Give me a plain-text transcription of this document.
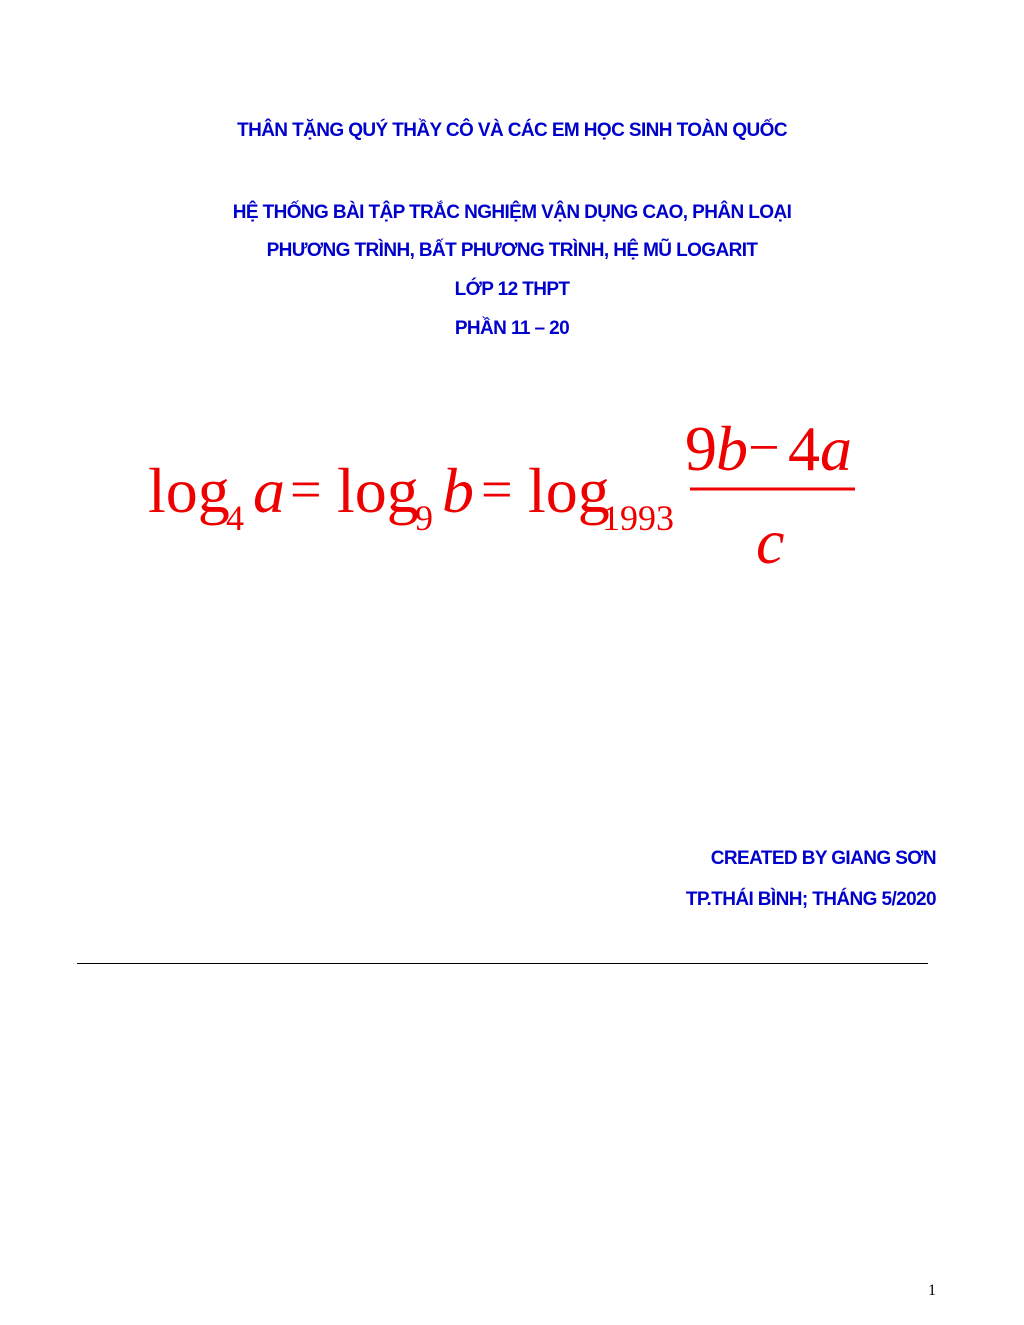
THÂN TẶNG QUÝ THẦY CÔ VÀ CÁC EM HỌC SINH TOÀN QUỐC
HỆ THỐNG BÀI TẬP TRẮC NGHIỆM VẬN DỤNG CAO, PHÂN LOẠI
PHƯƠNG TRÌNH, BẤT PHƯƠNG TRÌNH, HỆ MŨ LOGARIT
LỚP 12 THPT
PHẦN 11 – 20
log
4 a = log
9 b = log
1993
9 b − 4 a
c
CREATED BY GIANG SƠN
TP.THÁI BÌNH; THÁNG 5/2020
1
